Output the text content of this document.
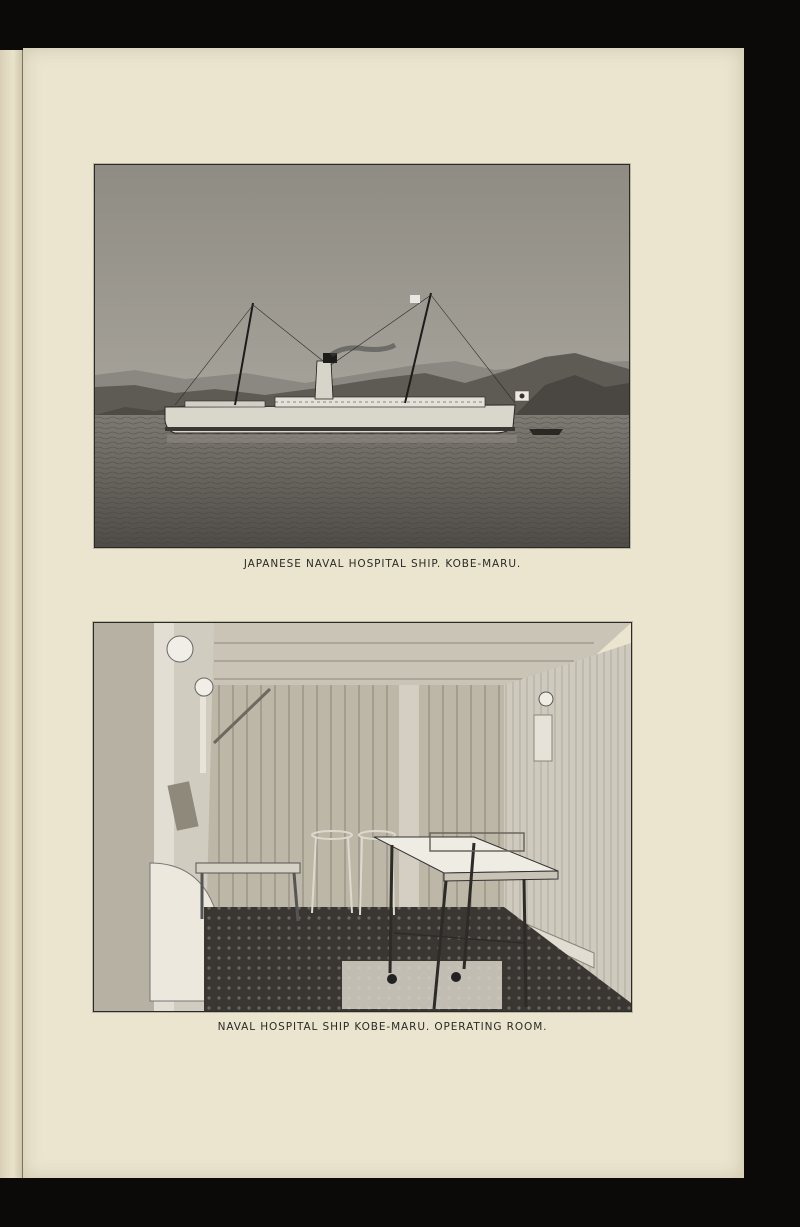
JAPANESE NAVAL HOSPITAL SHIP. KOBE-MARU.
NAVAL HOSPITAL SHIP KOBE-MARU. OPERATING ROOM.
